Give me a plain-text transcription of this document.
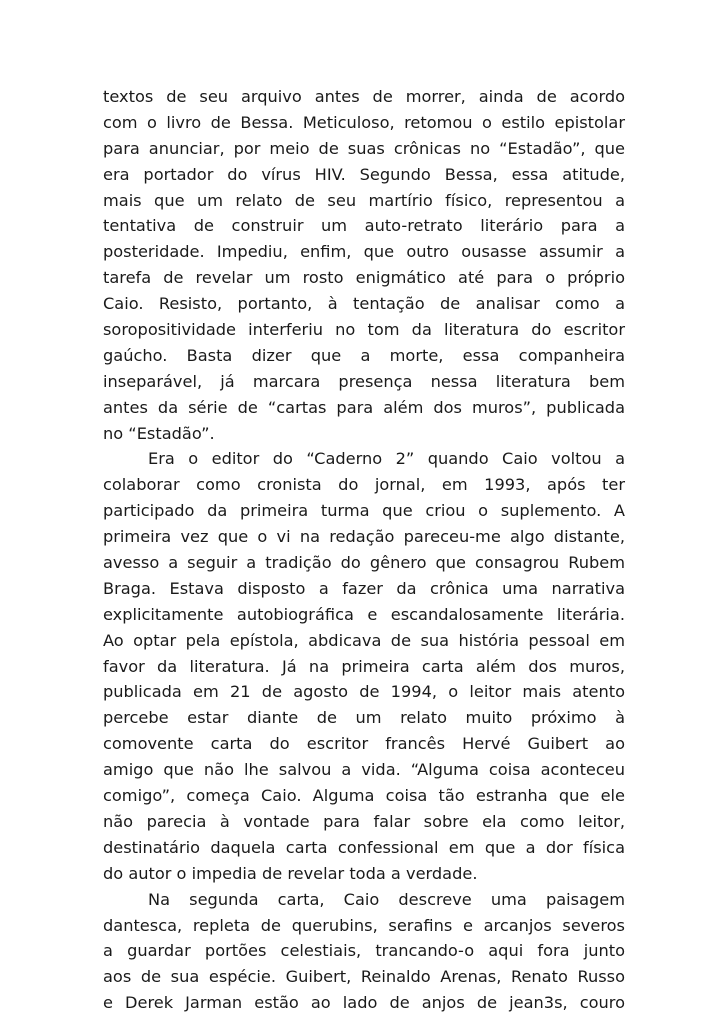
textos de seu arquivo antes de morrer, ainda de acordo
com o livro de Bessa. Meticuloso, retomou o estilo epistolar
para anunciar, por meio de suas crônicas no “Estadão”, que
era portador do vírus HIV. Segundo Bessa, essa atitude,
mais que um relato de seu martírio físico, representou a
tentativa de construir um auto-retrato literário para a
posteridade. Impediu, enfim, que outro ousasse assumir a
tarefa de revelar um rosto enigmático até para o próprio
Caio. Resisto, portanto, à tentação de analisar como a
soropositividade interferiu no tom da literatura do escritor
gaúcho. Basta dizer que a morte, essa companheira
inseparável, já marcara presença nessa literatura bem
antes da série de “cartas para além dos muros”, publicada
no “Estadão”.
Era o editor do “Caderno 2” quando Caio voltou a
colaborar como cronista do jornal, em 1993, após ter
participado da primeira turma que criou o suplemento. A
primeira vez que o vi na redação pareceu-me algo distante,
avesso a seguir a tradição do gênero que consagrou Rubem
Braga. Estava disposto a fazer da crônica uma narrativa
explicitamente autobiográfica e escandalosamente literária.
Ao optar pela epístola, abdicava de sua história pessoal em
favor da literatura. Já na primeira carta além dos muros,
publicada em 21 de agosto de 1994, o leitor mais atento
percebe estar diante de um relato muito próximo à
comovente carta do escritor francês Hervé Guibert ao
amigo que não lhe salvou a vida. “Alguma coisa aconteceu
comigo”, começa Caio. Alguma coisa tão estranha que ele
não parecia à vontade para falar sobre ela como leitor,
destinatário daquela carta confessional em que a dor física
do autor o impedia de revelar toda a verdade.
Na segunda carta, Caio descreve uma paisagem
dantesca, repleta de querubins, serafins e arcanjos severos
a guardar portões celestiais, trancando-o aqui fora junto
aos de sua espécie. Guibert, Reinaldo Arenas, Renato Russo
e Derek Jarman estão ao lado de anjos de jean3s, couro
